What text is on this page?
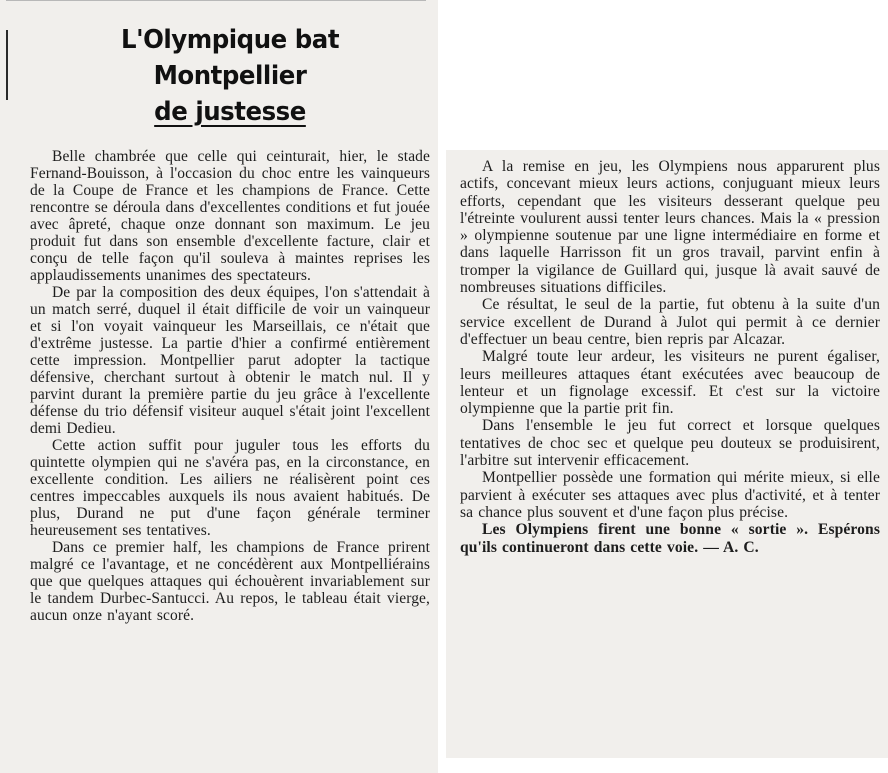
L'Olympique bat Montpellier
de justesse

Belle chambrée que celle qui ceinturait, hier, le stade Fernand-Bouisson, à l'occasion du choc entre les vainqueurs de la Coupe de France et les champions de France. Cette rencontre se déroula dans d'excellentes conditions et fut jouée avec âpreté, chaque onze donnant son maximum. Le jeu produit fut dans son ensemble d'excellente facture, clair et conçu de telle façon qu'il souleva à maintes reprises les applaudissements unanimes des spectateurs.

De par la composition des deux équipes, l'on s'attendait à un match serré, duquel il était difficile de voir un vainqueur et si l'on voyait vainqueur les Marseillais, ce n'était que d'extrême justesse. La partie d'hier a confirmé entièrement cette impression. Montpellier parut adopter la tactique défensive, cherchant surtout à obtenir le match nul. Il y parvint durant la première partie du jeu grâce à l'excellente défense du trio défensif visiteur auquel s'était joint l'excellent demi Dedieu.

Cette action suffit pour juguler tous les efforts du quintette olympien qui ne s'avéra pas, en la circonstance, en excellente condition. Les ailiers ne réalisèrent point ces centres impeccables auxquels ils nous avaient habitués. De plus, Durand ne put d'une façon générale terminer heureusement ses tentatives.

Dans ce premier half, les champions de France prirent malgré ce l'avantage, et ne concédèrent aux Montpelliérains que que quelques attaques qui échouèrent invariablement sur le tandem Durbec-Santucci. Au repos, le tableau était vierge, aucun onze n'ayant scoré.

A la remise en jeu, les Olympiens nous apparurent plus actifs, concevant mieux leurs actions, conjuguant mieux leurs efforts, cependant que les visiteurs desserant quelque peu l'étreinte voulurent aussi tenter leurs chances. Mais la « pression » olympienne soutenue par une ligne intermédiaire en forme et dans laquelle Harrisson fit un gros travail, parvint enfin à tromper la vigilance de Guillard qui, jusque là avait sauvé de nombreuses situations difficiles.

Ce résultat, le seul de la partie, fut obtenu à la suite d'un service excellent de Durand à Julot qui permit à ce dernier d'effectuer un beau centre, bien repris par Alcazar.

Malgré toute leur ardeur, les visiteurs ne purent égaliser, leurs meilleures attaques étant exécutées avec beaucoup de lenteur et un fignolage excessif. Et c'est sur la victoire olympienne que la partie prit fin.

Dans l'ensemble le jeu fut correct et lorsque quelques tentatives de choc sec et quelque peu douteux se produisirent, l'arbitre sut intervenir efficacement.

Montpellier possède une formation qui mérite mieux, si elle parvient à exécuter ses attaques avec plus d'activité, et à tenter sa chance plus souvent et d'une façon plus précise.

Les Olympiens firent une bonne « sortie ». Espérons qu'ils continueront dans cette voie. — A. C.
